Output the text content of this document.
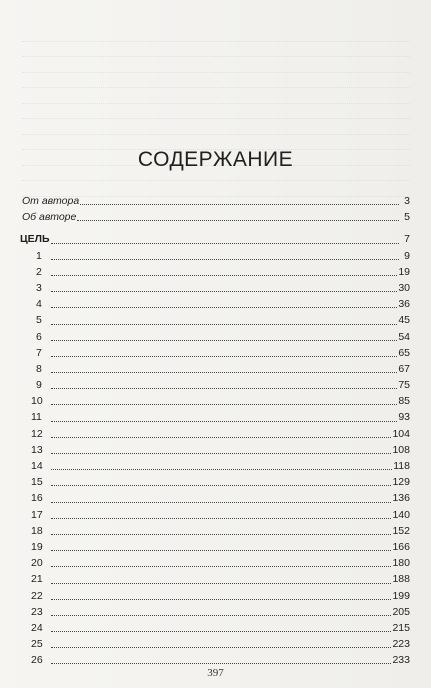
СОДЕРЖАНИЕ
От автора	3
Об авторе	5
ЦЕЛЬ	7
1	9
2	19
3	30
4	36
5	45
6	54
7	65
8	67
9	75
10	85
11	93
12	104
13	108
14	118
15	129
16	136
17	140
18	152
19	166
20	180
21	188
22	199
23	205
24	215
25	223
26	233
397
